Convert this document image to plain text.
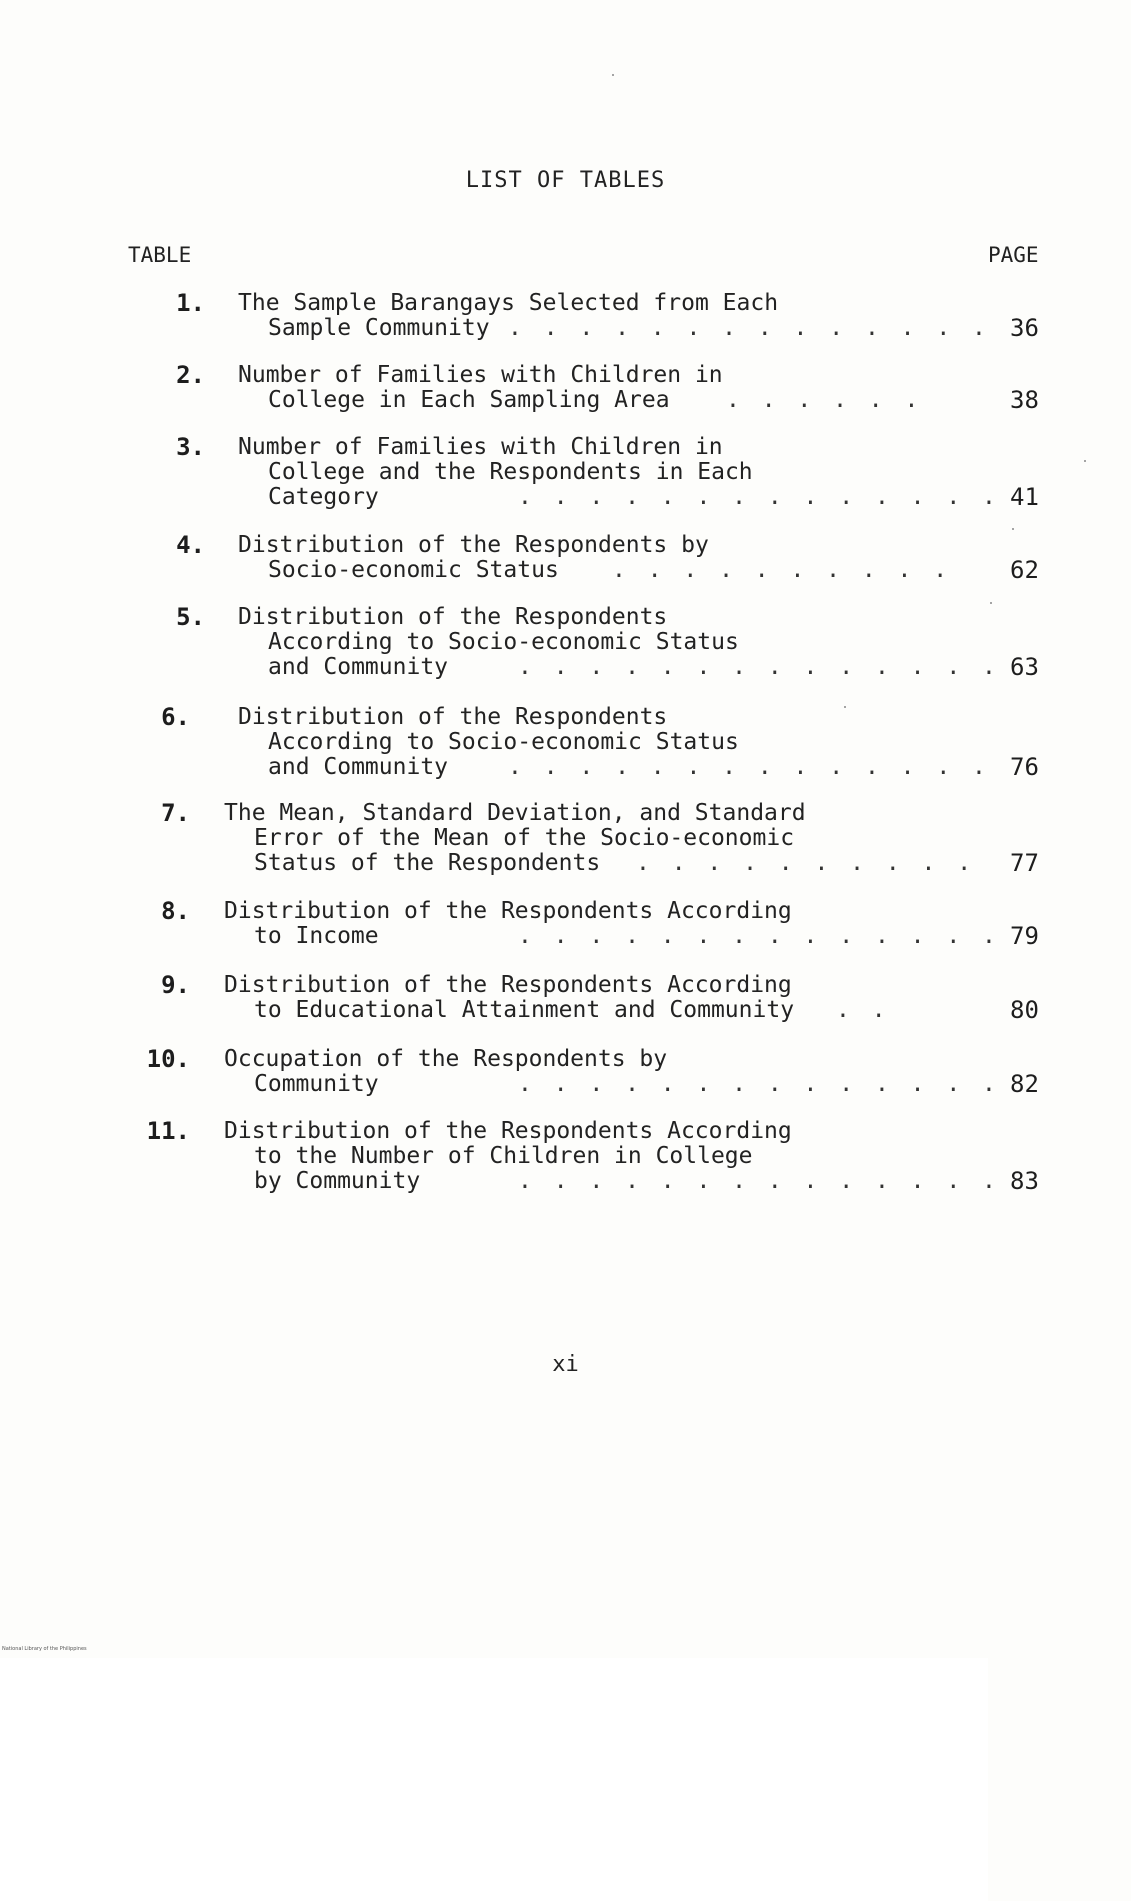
LIST OF TABLES
TABLE	PAGE
1. The Sample Barangays Selected from Each
Sample Community . . . . . . . . . . . . . . 36
2. Number of Families with Children in
College in Each Sampling Area . . . . . .	38
3. Number of Families with Children in
College and the Respondents in Each
Category	. . . . . . . . . . . . . . 41
4. Distribution of the Respondents by
Socio-economic Status . . . . . . . . . . 62
5. Distribution of the Respondents
According to Socio-economic Status
and Community	. . . . . . . . . . . . . . 63
6. Distribution of the Respondents
According to Socio-economic Status
and Community	. . . . . . . . . . . . . . 76
7. The Mean, Standard Deviation, and Standard
Error of the Mean of the Socio-economic
Status of the Respondents . . . . . . . . . . 77
8. Distribution of the Respondents According
to Income	. . . . . . . . . . . . . . 79
9. Distribution of the Respondents According
to Educational Attainment and Community . .	80
10. Occupation of the Respondents by
Community	. . . . . . . . . . . . . . 82
11. Distribution of the Respondents According
to the Number of Children in College
by Community	. . . . . . . . . . . . . . 83
xi
National Library of the Philippines
